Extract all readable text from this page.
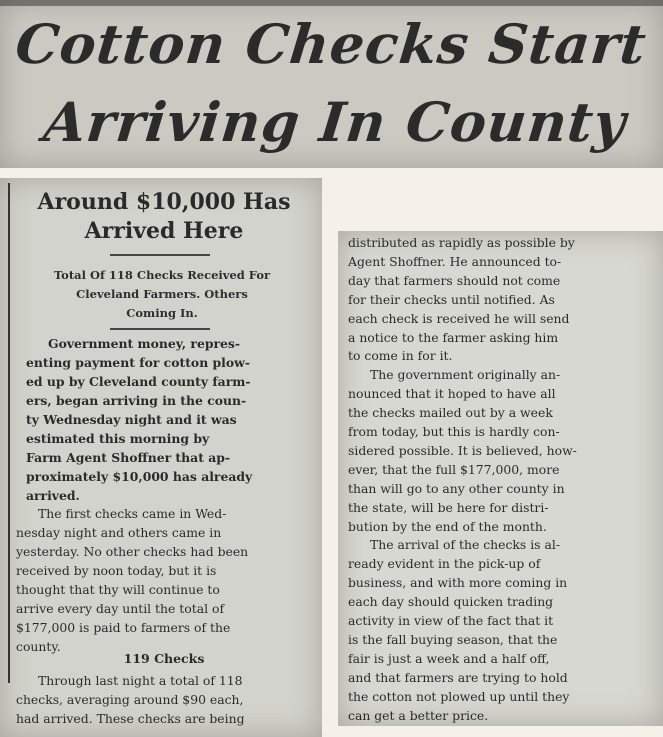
Cotton Checks Start
Arriving In County
Around $10,000 Has
Arrived Here
Total Of 118 Checks Received For
Cleveland Farmers. Others
Coming In.
Government money, repres-
enting payment for cotton plow-
ed up by Cleveland county farm-
ers, began arriving in the coun-
ty Wednesday night and it was
estimated this morning by
Farm Agent Shoffner that ap-
proximately $10,000 has already
arrived.
The first checks came in Wed-
nesday night and others came in
yesterday. No other checks had been
received by noon today, but it is
thought that thy will continue to
arrive every day until the total of
$177,000 is paid to farmers of the
county.
119 Checks
Through last night a total of 118
checks, averaging around $90 each,
had arrived. These checks are being
distributed as rapidly as possible by
Agent Shoffner. He announced to-
day that farmers should not come
for their checks until notified. As
each check is received he will send
a notice to the farmer asking him
to come in for it.
The government originally an-
nounced that it hoped to have all
the checks mailed out by a week
from today, but this is hardly con-
sidered possible. It is believed, how-
ever, that the full $177,000, more
than will go to any other county in
the state, will be here for distri-
bution by the end of the month.
The arrival of the checks is al-
ready evident in the pick-up of
business, and with more coming in
each day should quicken trading
activity in view of the fact that it
is the fall buying season, that the
fair is just a week and a half off,
and that farmers are trying to hold
the cotton not plowed up until they
can get a better price.
